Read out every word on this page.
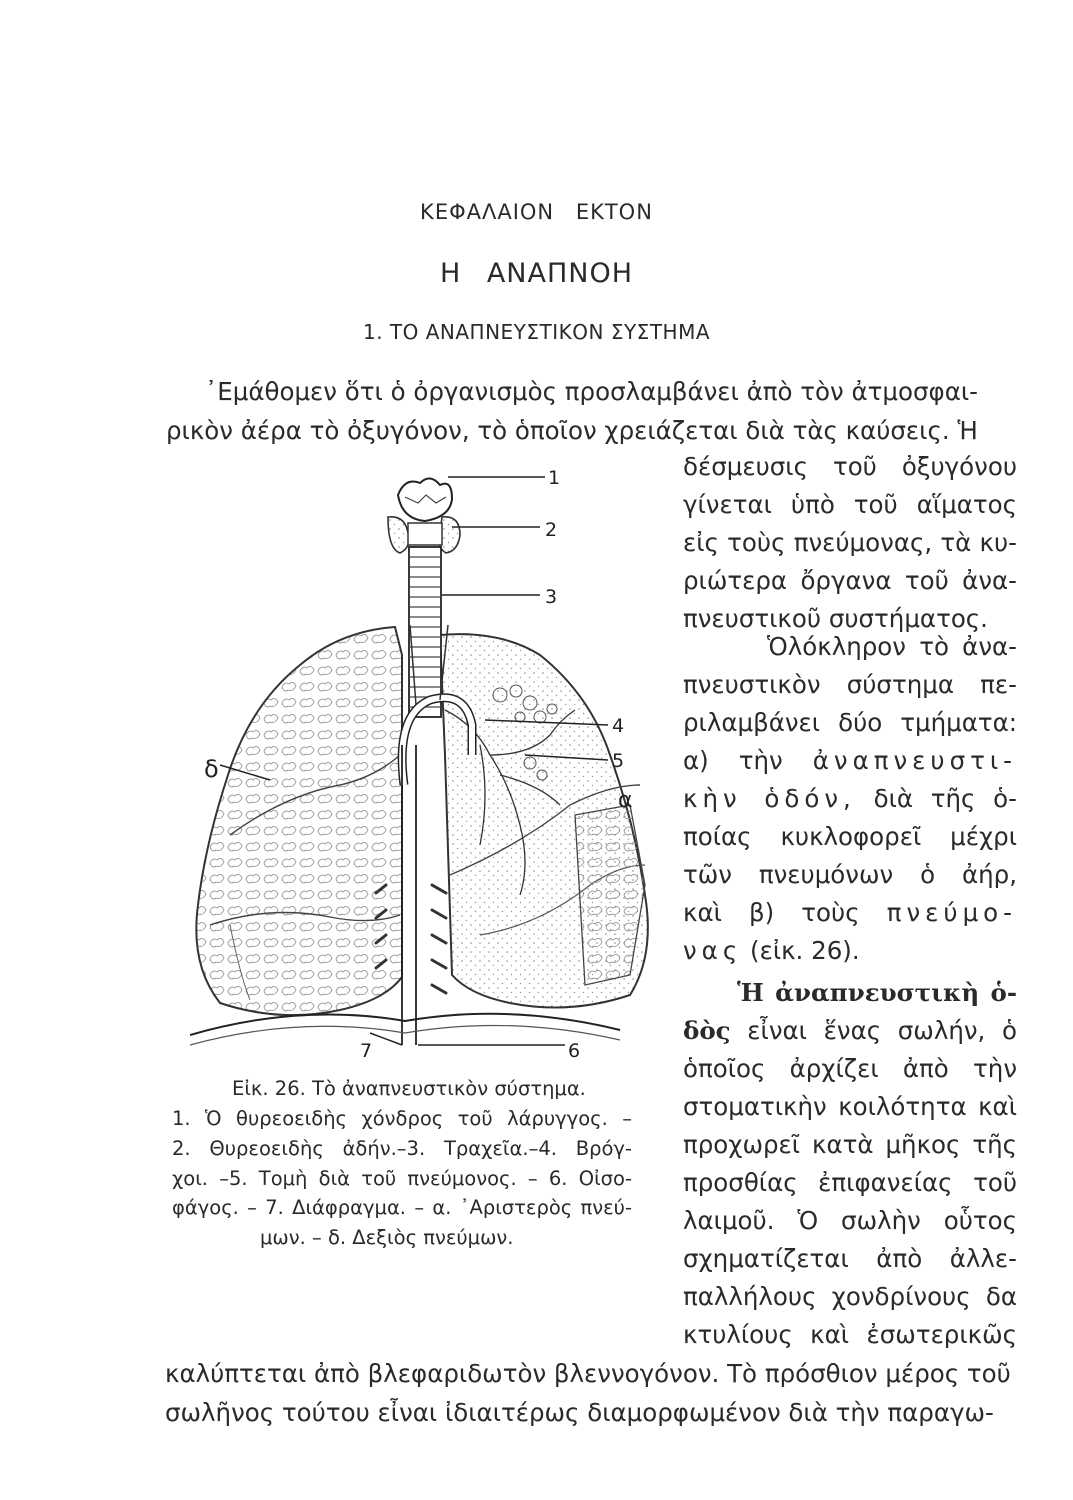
ΚΕΦΑΛΑΙΟΝ ΕΚΤΟΝ
Η ΑΝΑΠΝΟΗ
1. ΤΟ ΑΝΑΠΝΕΥΣΤΙΚΟΝ ΣΥΣΤΗΜΑ
᾿Εμάθομεν ὅτι ὁ ὀργανισμὸς προσλαμβάνει ἀπὸ τὸν ἀτμοσφαι-
ρικὸν ἀέρα τὸ ὀξυγόνον, τὸ ὁποῖον χρειάζεται διὰ τὰς καύσεις. Ἡ
δέσμευσις τοῦ ὀξυγόνου
γίνεται ὑπὸ τοῦ αἵματος
εἰς τοὺς πνεύμονας, τὰ κυ-
ριώτερα ὄργανα τοῦ ἀνα-
πνευστικοῦ συστήματος.
Ὁλόκληρον τὸ ἀνα-
πνευστικὸν σύστημα πε-
ριλαμβάνει δύο τμήματα:
α) τὴν ἀναπνευστι-
κὴν ὁδόν, διὰ τῆς ὁ-
ποίας κυκλοφορεῖ μέχρι
τῶν πνευμόνων ὁ ἀήρ,
καὶ β) τοὺς πνεύμο-
νας (εἰκ. 26).
Ἡ ἀναπνευστικὴ ὁ-
δὸς εἶναι ἕνας σωλήν, ὁ
ὁποῖος ἀρχίζει ἀπὸ τὴν
στοματικὴν κοιλότητα καὶ
προχωρεῖ κατὰ μῆκος τῆς
προσθίας ἐπιφανείας τοῦ
λαιμοῦ. Ὁ σωλὴν οὗτος
σχηματίζεται ἀπὸ ἀλλε-
παλλήλους χονδρίνους δα
κτυλίους καὶ ἐσωτερικῶς
καλύπτεται ἀπὸ βλεφαριδωτὸν βλεννογόνον. Τὸ πρόσθιον μέρος τοῦ
σωλῆνος τούτου εἶναι ἰδιαιτέρως διαμορφωμένον διὰ τὴν παραγω-
1
2
3
4
5
α
δ
7	6
Εἰκ. 26. Τὸ ἀναπνευστικὸν σύστημα.
1. Ὁ θυρεοειδὴς χόνδρος τοῦ λάρυγγος. –
2. Θυρεοειδὴς ἀδήν.–3. Τραχεῖα.–4. Βρόγ-
χοι. –5. Τομὴ διὰ τοῦ πνεύμονος. – 6. Οἰσο-
φάγος. – 7. Διάφραγμα. – α. ᾿Αριστερὸς πνεύ-
μων. – δ. Δεξιὸς πνεύμων.
